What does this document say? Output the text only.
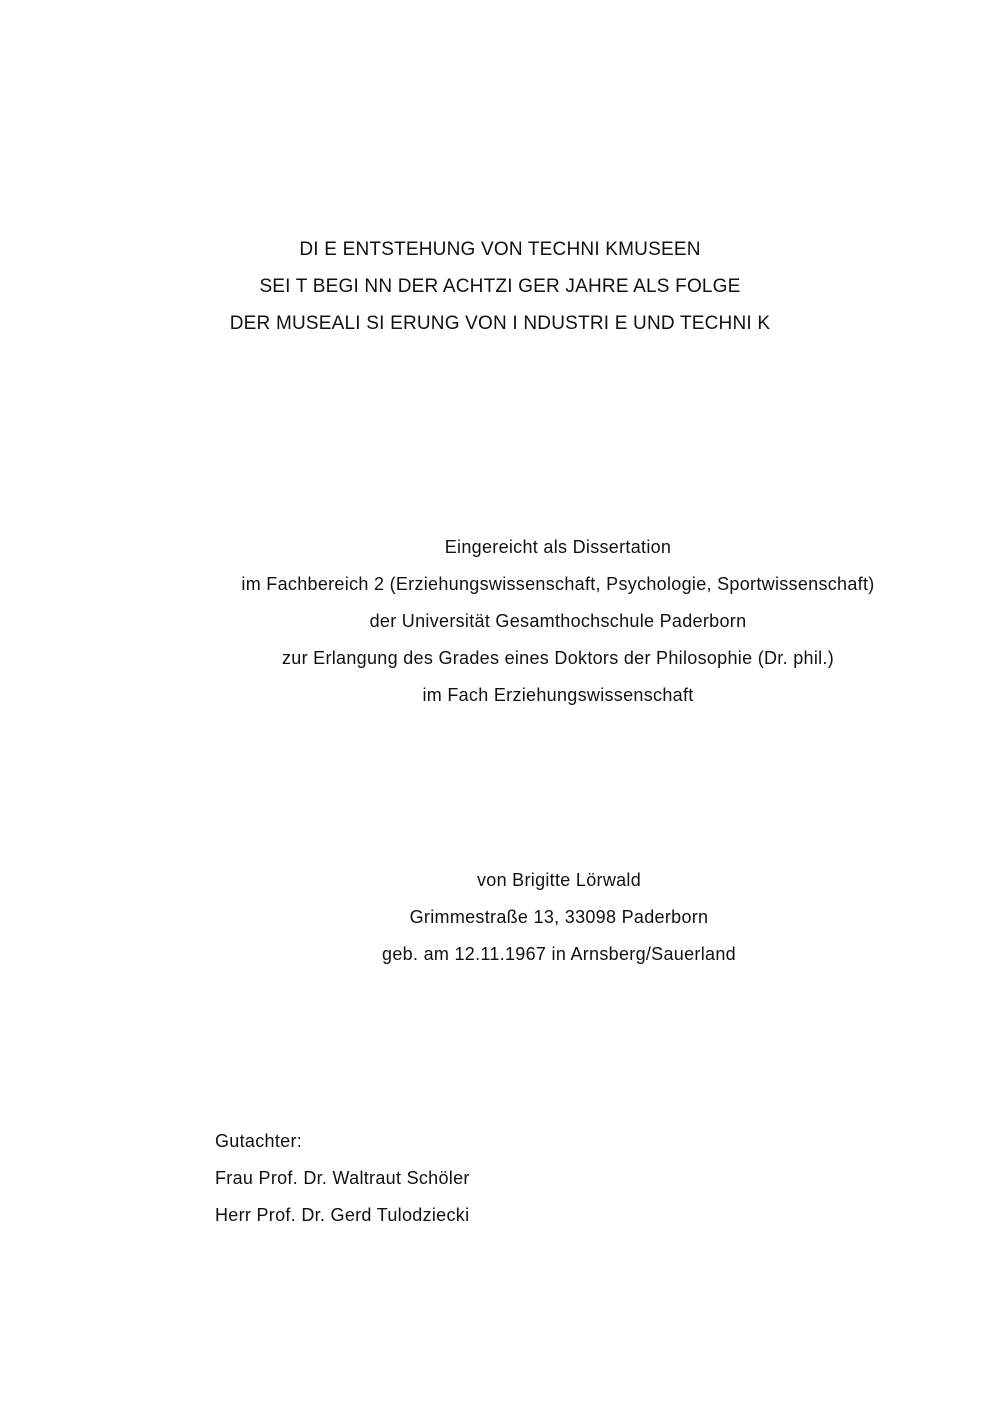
DI E ENTSTEHUNG VON TECHNI KMUSEEN
SEI T BEGI NN DER ACHTZI GER JAHRE ALS FOLGE
DER MUSEALI SI ERUNG VON I NDUSTRI E UND TECHNI K
Eingereicht als Dissertation
im Fachbereich 2 (Erziehungswissenschaft, Psychologie, Sportwissenschaft)
der Universität Gesamthochschule Paderborn
zur Erlangung des Grades eines Doktors der Philosophie (Dr. phil.)
im Fach Erziehungswissenschaft
von Brigitte Lörwald
Grimmestraße 13, 33098 Paderborn
geb. am 12.11.1967 in Arnsberg/Sauerland
Gutachter:
Frau Prof. Dr. Waltraut Schöler
Herr Prof. Dr. Gerd Tulodziecki
